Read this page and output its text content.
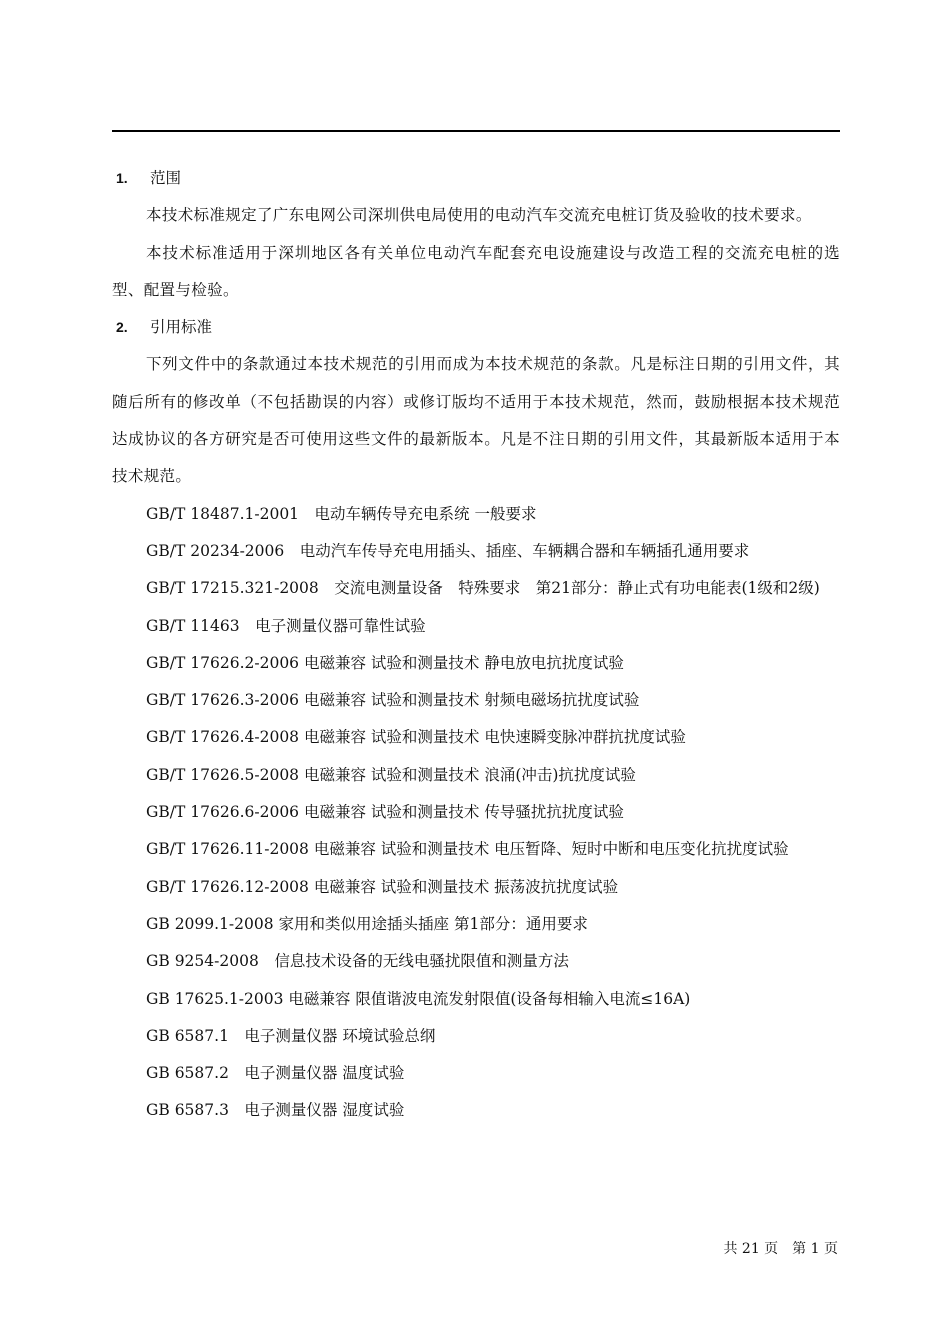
1.	范围
本技术标准规定了广东电网公司深圳供电局使用的电动汽车交流充电桩订货及验收的技术要求。
本技术标准适用于深圳地区各有关单位电动汽车配套充电设施建设与改造工程的交流充电桩的选型、配置与检验。
2.	引用标准
下列文件中的条款通过本技术规范的引用而成为本技术规范的条款。凡是标注日期的引用文件，其随后所有的修改单（不包括勘误的内容）或修订版均不适用于本技术规范，然而，鼓励根据本技术规范达成协议的各方研究是否可使用这些文件的最新版本。凡是不注日期的引用文件，其最新版本适用于本技术规范。
GB/T 18487.1-2001　电动车辆传导充电系统 一般要求
GB/T 20234-2006　电动汽车传导充电用插头、插座、车辆耦合器和车辆插孔通用要求
GB/T 17215.321-2008　交流电测量设备　特殊要求　第21部分：静止式有功电能表(1级和2级)
GB/T 11463　电子测量仪器可靠性试验
GB/T 17626.2-2006 电磁兼容 试验和测量技术 静电放电抗扰度试验
GB/T 17626.3-2006 电磁兼容 试验和测量技术 射频电磁场抗扰度试验
GB/T 17626.4-2008 电磁兼容 试验和测量技术 电快速瞬变脉冲群抗扰度试验
GB/T 17626.5-2008 电磁兼容 试验和测量技术 浪涌(冲击)抗扰度试验
GB/T 17626.6-2006 电磁兼容 试验和测量技术 传导骚扰抗扰度试验
GB/T 17626.11-2008 电磁兼容 试验和测量技术 电压暂降、短时中断和电压变化抗扰度试验
GB/T 17626.12-2008 电磁兼容 试验和测量技术 振荡波抗扰度试验
GB 2099.1-2008 家用和类似用途插头插座 第1部分：通用要求
GB 9254-2008　信息技术设备的无线电骚扰限值和测量方法
GB 17625.1-2003 电磁兼容 限值谐波电流发射限值(设备每相输入电流≤16A)
GB 6587.1　电子测量仪器 环境试验总纲
GB 6587.2　电子测量仪器 温度试验
GB 6587.3　电子测量仪器 湿度试验
共 21 页　第 1 页
